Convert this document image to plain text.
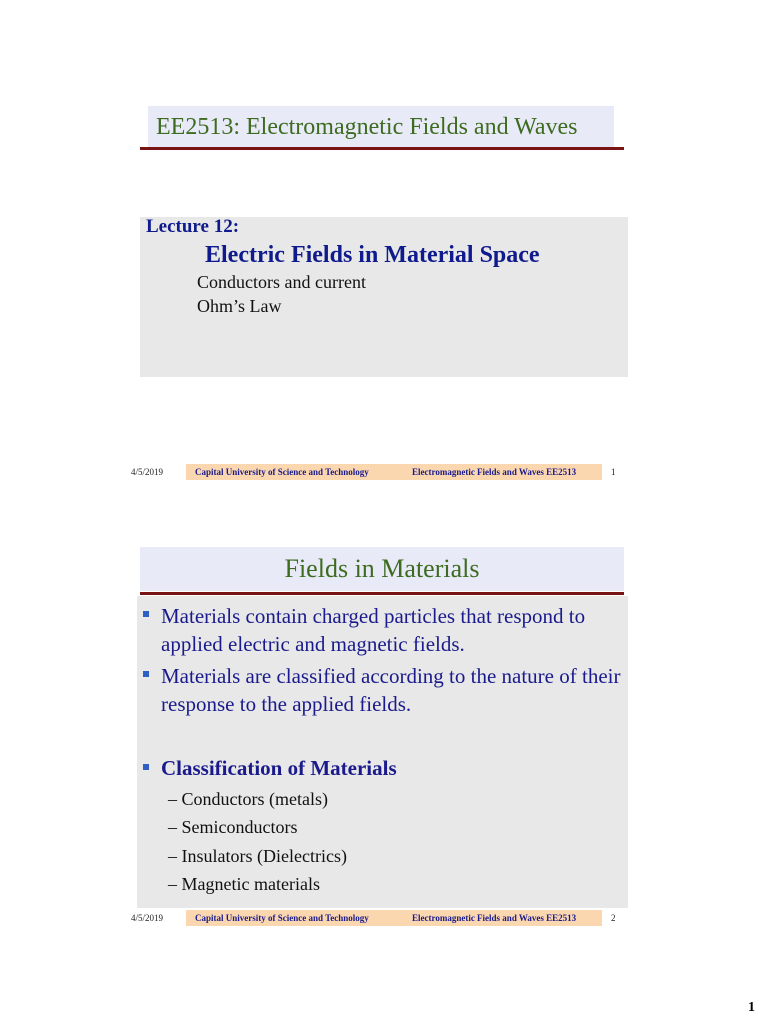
EE2513: Electromagnetic Fields and Waves
Lecture 12:
Electric Fields in Material Space
Conductors and current
Ohm’s Law
4/5/2019	Capital University of Science and Technology	Electromagnetic Fields and Waves EE2513	1
Fields in Materials
Materials contain charged particles that respond to applied electric and magnetic fields.
Materials are classified according to the nature of their response to the applied fields.
Classification of Materials
– Conductors (metals)
– Semiconductors
– Insulators (Dielectrics)
– Magnetic materials
4/5/2019	Capital University of Science and Technology	Electromagnetic Fields and Waves EE2513	2
1
